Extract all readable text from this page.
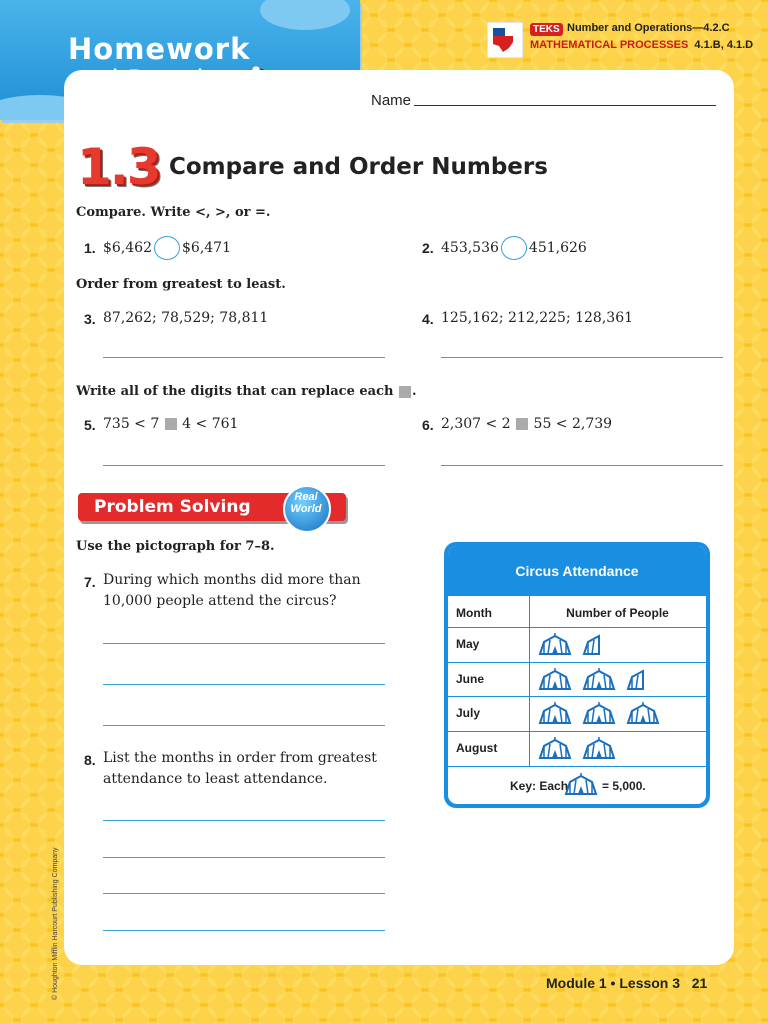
Homework
TEKS Number and Operations—4.2.C
MATHEMATICAL PROCESSES 4.1.B, 4.1.D
Name
1.3 Compare and Order Numbers
Compare. Write <, >, or =.
1. $6,462 $6,471	2. 453,536 451,626
Order from greatest to least.
3. 87,262; 78,529; 78,811	4. 125,162; 212,225; 128,361
Write all of the digits that can replace each .
5. 735 < 7 4 < 761	6. 2,307 < 2 55 < 2,739
Problem Solving	Real
World
Use the pictograph for 7–8.
7. During which months did more than
10,000 people attend the circus?
8. List the months in order from greatest
attendance to least attendance.
Circus Attendance
Month	Number of People
May
June
July
August
Key: Each	= 5,000.
Module 1 • Lesson 3 21
© Houghton Mifflin Harcourt Publishing Company
